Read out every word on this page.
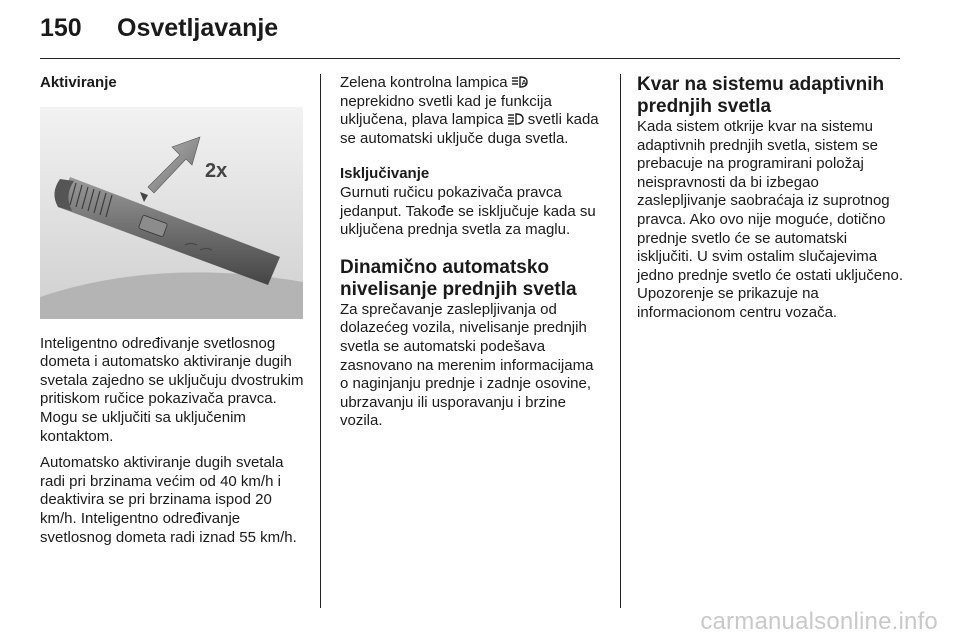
150 Osvetljavanje

Aktiviranje

2x

Inteligentno određivanje svetlosnog dometa i automatsko aktiviranje dugih svetala zajedno se uključuju dvostrukim pritiskom ručice pokazivača pravca. Mogu se uključiti sa uključenim kontaktom.

Automatsko aktiviranje dugih svetala radi pri brzinama većim od 40 km/h i deaktivira se pri brzinama ispod 20 km/h. Inteligentno određivanje svetlosnog dometa radi iznad 55 km/h.

Zelena kontrolna lampica A
neprekidno svetli kad je funkcija uključena, plava lampica  svetli kada se automatski uključe duga svetla.

Isključivanje

Gurnuti ručicu pokazivača pravca jedanput. Takođe se isključuje kada su uključena prednja svetla za maglu.

Dinamično automatsko nivelisanje prednjih svetla

Za sprečavanje zaslepljivanja od dolazećeg vozila, nivelisanje prednjih svetla se automatski podešava zasnovano na merenim informacijama o naginjanju prednje i zadnje osovine, ubrzavanju ili usporavanju i brzine vozila.

Kvar na sistemu adaptivnih prednjih svetla

Kada sistem otkrije kvar na sistemu adaptivnih prednjih svetla, sistem se prebacuje na programirani položaj neispravnosti da bi izbegao zaslepljivanje saobraćaja iz suprotnog pravca. Ako ovo nije moguće, dotično prednje svetlo će se automatski isključiti. U svim ostalim slučajevima jedno prednje svetlo će ostati uključeno. Upozorenje se prikazuje na informacionom centru vozača.

carmanualsonline.info
